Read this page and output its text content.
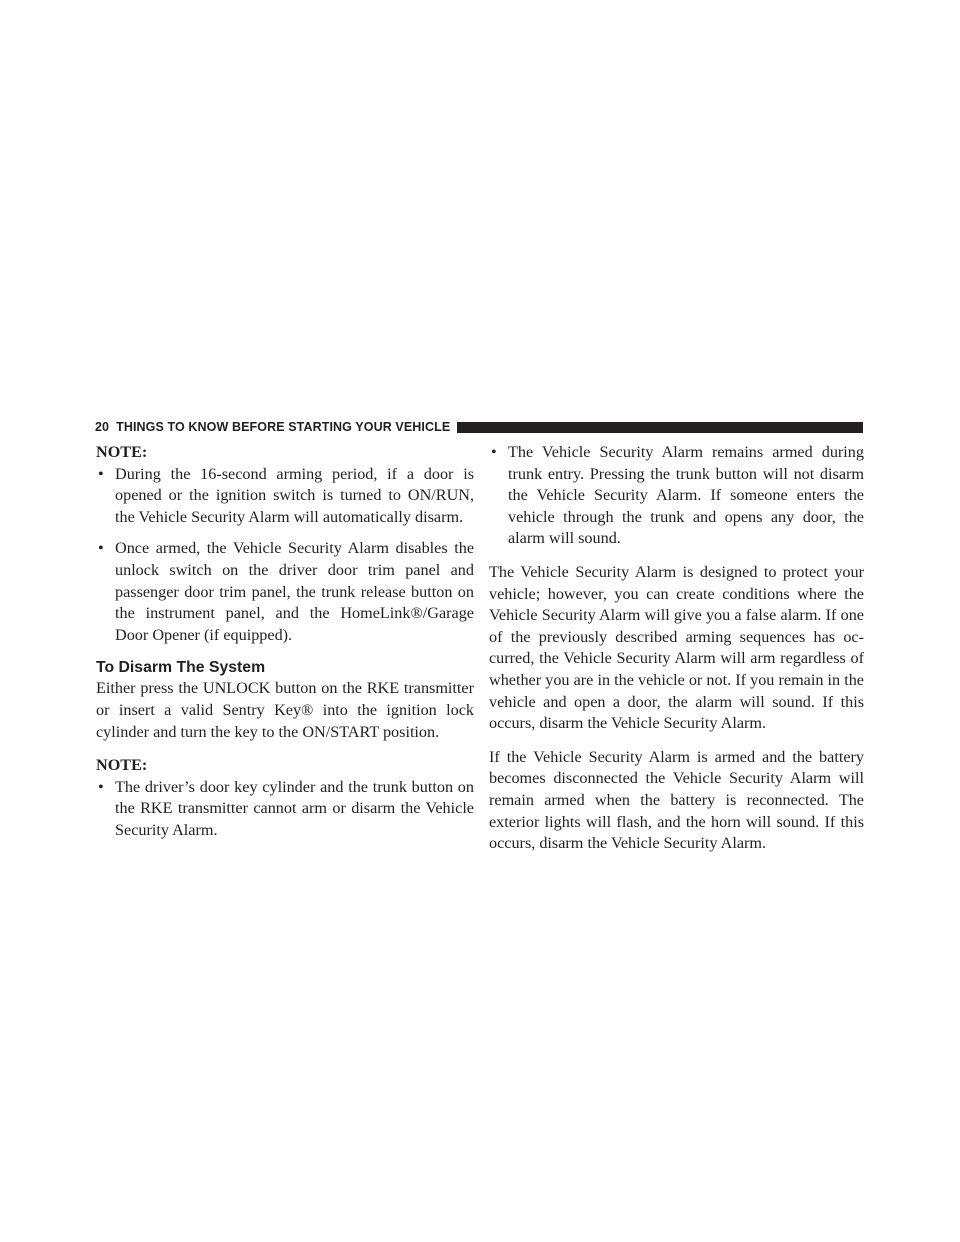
20 THINGS TO KNOW BEFORE STARTING YOUR VEHICLE

NOTE:

• During the 16-second arming period, if a door is opened or the ignition switch is turned to ON/RUN, the Vehicle Security Alarm will automatically disarm.

• Once armed, the Vehicle Security Alarm disables the unlock switch on the driver door trim panel and passenger door trim panel, the trunk release button on the instrument panel, and the HomeLink®/Garage Door Opener (if equipped).

To Disarm The System

Either press the UNLOCK button on the RKE transmitter or insert a valid Sentry Key® into the ignition lock cylinder and turn the key to the ON/START position.

NOTE:

• The driver’s door key cylinder and the trunk button on the RKE transmitter cannot arm or disarm the Vehicle Security Alarm.

• The Vehicle Security Alarm remains armed during trunk entry. Pressing the trunk button will not disarm the Vehicle Security Alarm. If someone enters the vehicle through the trunk and opens any door, the alarm will sound.

The Vehicle Security Alarm is designed to protect your vehicle; however, you can create conditions where the Vehicle Security Alarm will give you a false alarm. If one of the previously described arming sequences has oc-curred, the Vehicle Security Alarm will arm regardless of whether you are in the vehicle or not. If you remain in the vehicle and open a door, the alarm will sound. If this occurs, disarm the Vehicle Security Alarm.

If the Vehicle Security Alarm is armed and the battery becomes disconnected the Vehicle Security Alarm will remain armed when the battery is reconnected. The exterior lights will flash, and the horn will sound. If this occurs, disarm the Vehicle Security Alarm.
